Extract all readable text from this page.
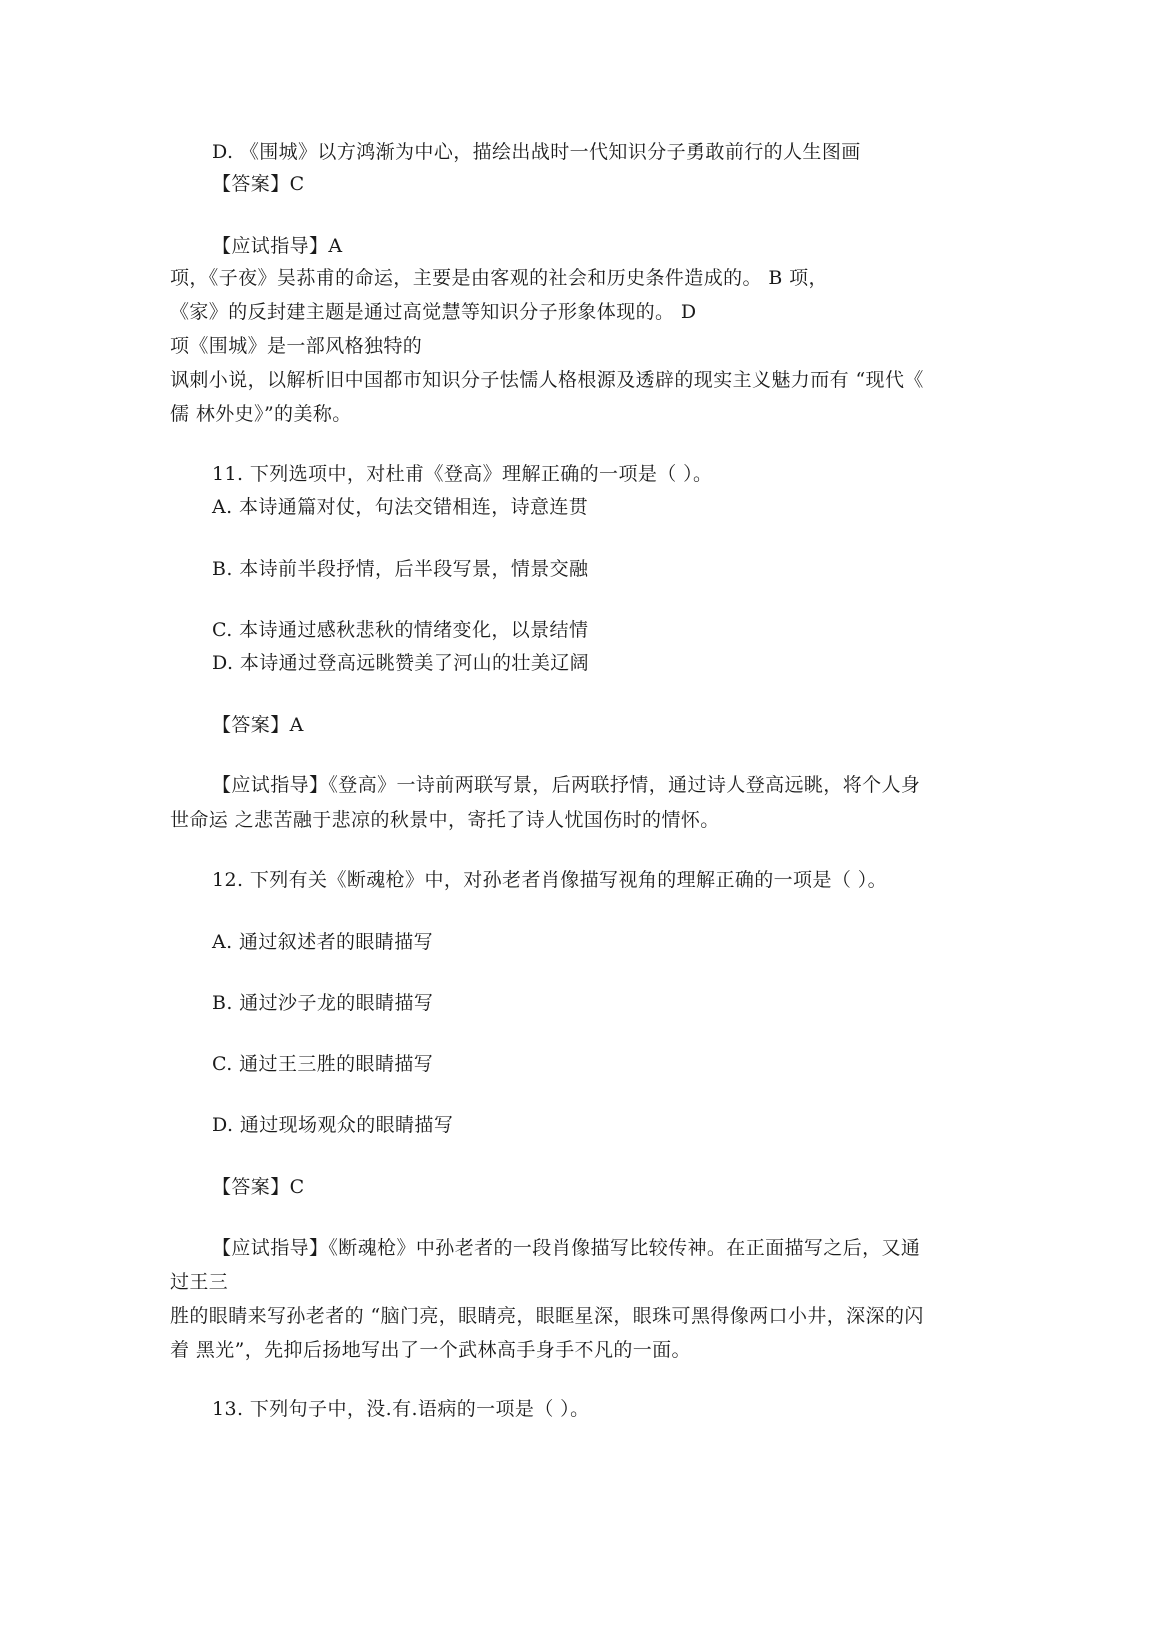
D. 《围城》以方鸿渐为中心，描绘出战时一代知识分子勇敢前行的人生图画
【答案】C
【应试指导】A
项，《子夜》吴荪甫的命运，主要是由客观的社会和历史条件造成的。 B 项，
《家》的反封建主题是通过高觉慧等知识分子形象体现的。 D
项《围城》是一部风格独特的
讽刺小说，以解析旧中国都市知识分子怯懦人格根源及透辟的现实主义魅力而有 “现代《
儒 林外史》”的美称。
11. 下列选项中，对杜甫《登高》理解正确的一项是（ ）。
A. 本诗通篇对仗，句法交错相连，诗意连贯
B. 本诗前半段抒情，后半段写景，情景交融
C. 本诗通过感秋悲秋的情绪变化，以景结情
D. 本诗通过登高远眺赞美了河山的壮美辽阔
【答案】A
【应试指导】《登高》一诗前两联写景，后两联抒情，通过诗人登高远眺，将个人身
世命运 之悲苦融于悲凉的秋景中，寄托了诗人忧国伤时的情怀。
12. 下列有关《断魂枪》中，对孙老者肖像描写视角的理解正确的一项是（ ）。
A. 通过叙述者的眼睛描写
B. 通过沙子龙的眼睛描写
C. 通过王三胜的眼睛描写
D. 通过现场观众的眼睛描写
【答案】C
【应试指导】《断魂枪》中孙老者的一段肖像描写比较传神。在正面描写之后，又通
过王三
胜的眼睛来写孙老者的 “脑门亮，眼睛亮，眼眶星深，眼珠可黑得像两口小井，深深的闪
着 黑光”，先抑后扬地写出了一个武林高手身手不凡的一面。
13. 下列句子中，没.有.语病的一项是（ ）。
